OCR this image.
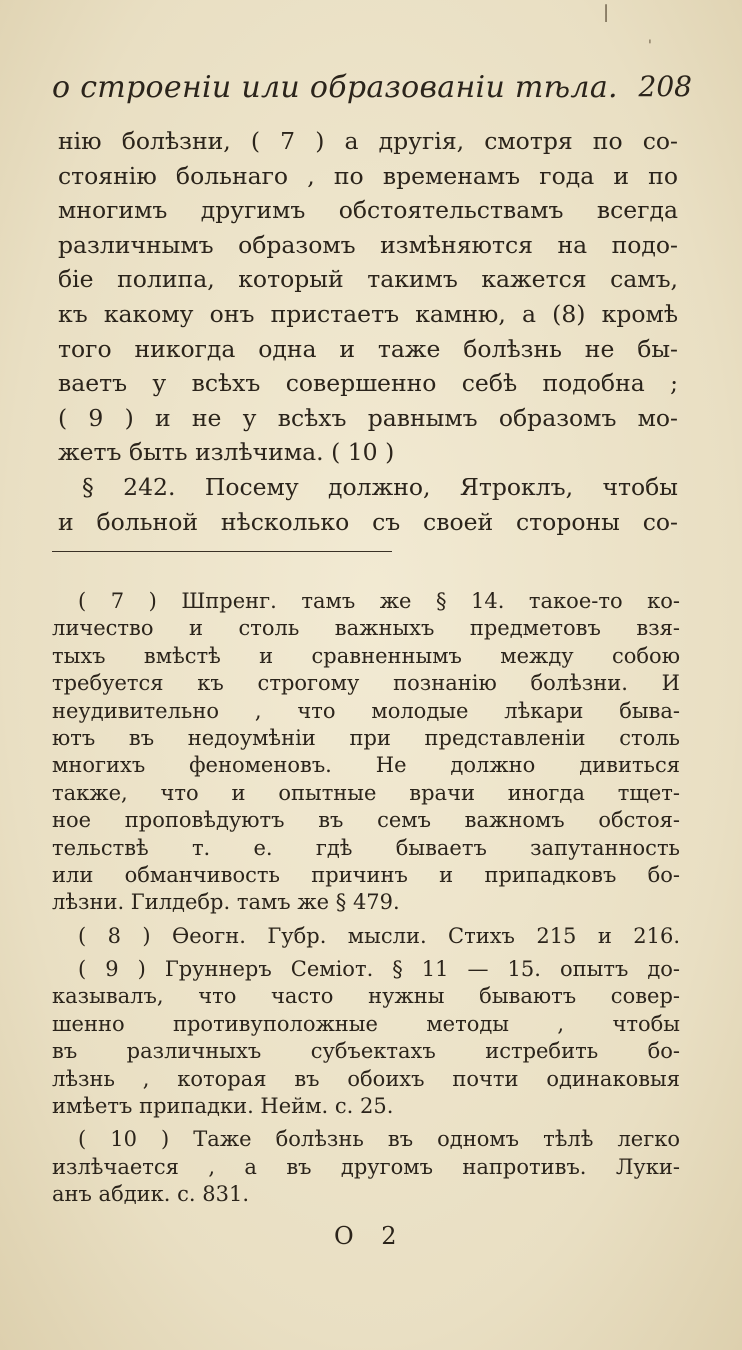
|
'
о строеніи или образованіи тѣла. 208
нію болѣзни, ( 7 ) а другія, смотря по со-
стоянію больнаго , по временамъ года и по
многимъ другимъ обстоятельствамъ всегда
различнымъ образомъ измѣняются на подо-
біе полипа, который такимъ кажется самъ,
къ какому онъ пристаетъ камню, а (8) кромѣ
того никогда одна и таже болѣзнь не бы-
ваетъ у всѣхъ совершенно себѣ подобна ;
( 9 ) и не у всѣхъ равнымъ образомъ мо-
жетъ быть излѣчима. ( 10 )
§ 242. Посему должно, Ятроклъ, чтобы
и больной нѣсколько съ своей стороны со-
( 7 ) Шпренг. тамъ же § 14. такое-то ко-
личество и столь важныхъ предметовъ взя-
тыхъ вмѣстѣ и сравненнымъ между собою
требуется къ строгому познанію болѣзни. И
неудивительно , что молодые лѣкари быва-
ютъ въ недоумѣніи при представленіи столь
многихъ феноменовъ. Не должно дивиться
также, что и опытные врачи иногда тщет-
ное проповѣдуютъ въ семъ важномъ обстоя-
тельствѣ т. е. гдѣ бываетъ запутанность
или обманчивость причинъ и припадковъ бо-
лѣзни. Гилдебр. тамъ же § 479.
( 8 ) Ѳеогн. Губр. мысли. Стихъ 215 и 216.
( 9 ) Груннеръ Семіот. § 11 — 15. опытъ до-
казывалъ, что часто нужны бываютъ совер-
шенно противуположные методы , чтобы
въ различныхъ субъектахъ истребить бо-
лѣзнь , которая въ обоихъ почти одинаковыя
имѣетъ припадки. Нейм. с. 25.
( 10 ) Таже болѣзнь въ одномъ тѣлѣ легко
излѣчается , а въ другомъ напротивъ. Луки-
анъ абдик. с. 831.
О 2
